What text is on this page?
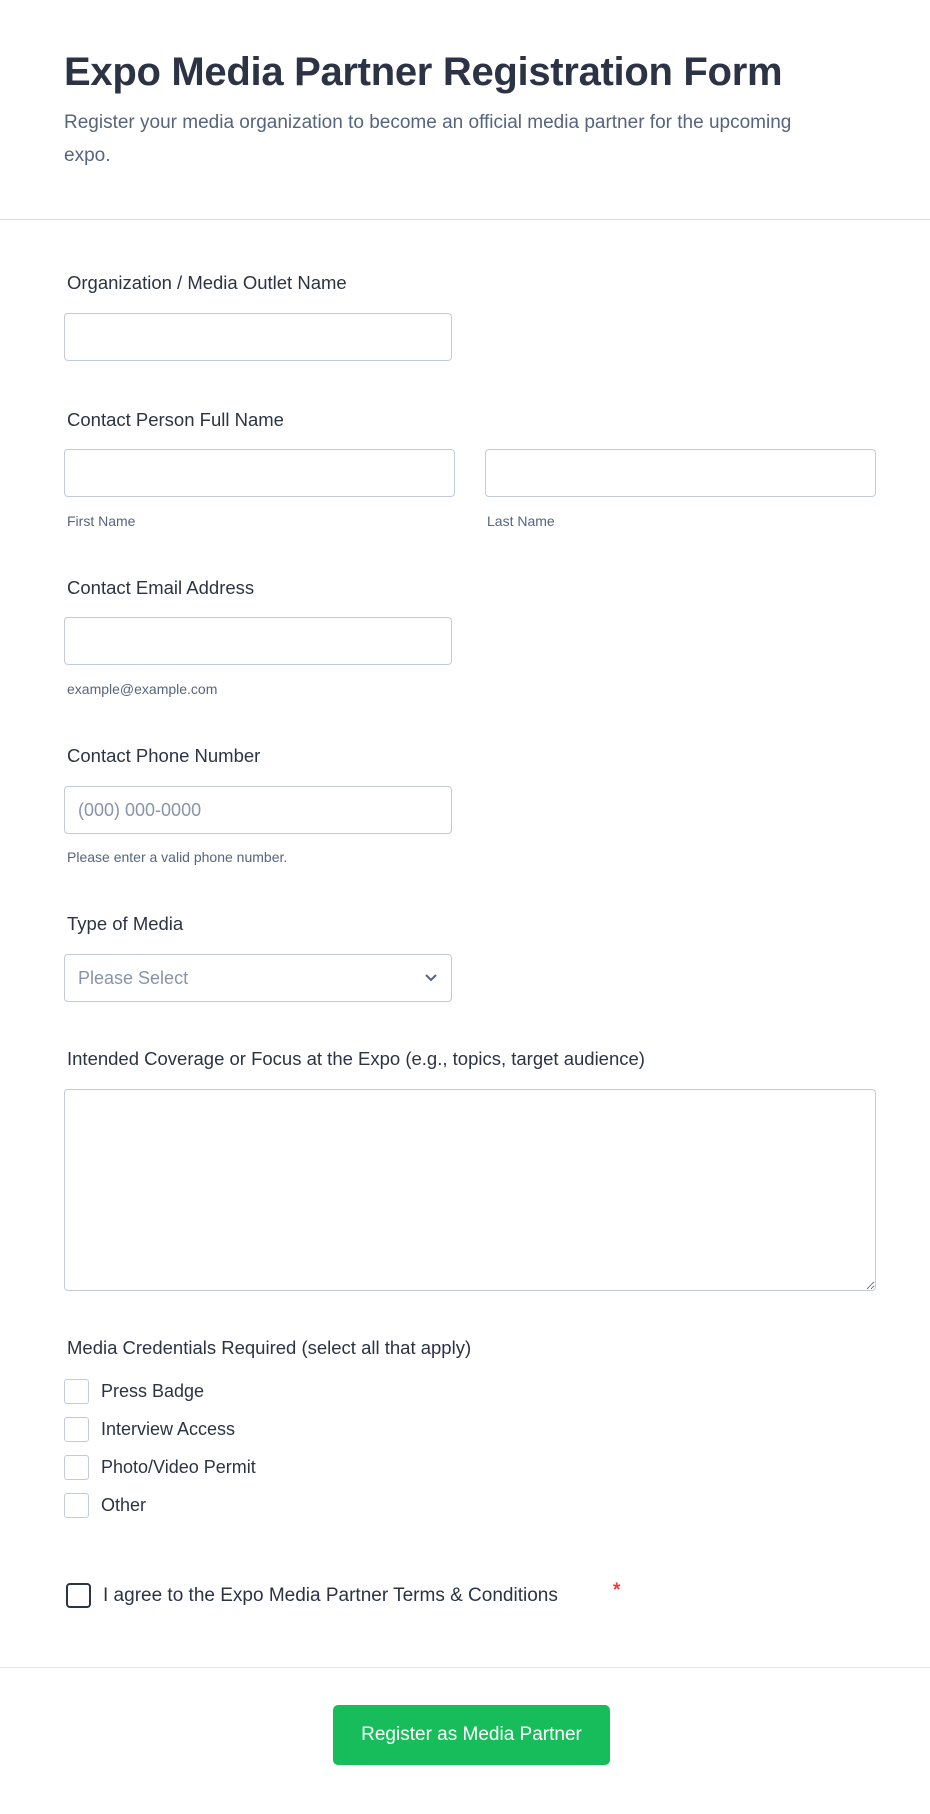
Expo Media Partner Registration Form

Register your media organization to become an official media partner for the upcoming expo.

Organization / Media Outlet Name
Contact Person Full Name
First Name	Last Name
Contact Email Address
example@example.com
Contact Phone Number
(000) 000-0000
Please enter a valid phone number.
Type of Media
Please Select
Intended Coverage or Focus at the Expo (e.g., topics, target audience)
Media Credentials Required (select all that apply)
Press Badge
Interview Access
Photo/Video Permit
Other
I agree to the Expo Media Partner Terms & Conditions	*
Register as Media Partner
